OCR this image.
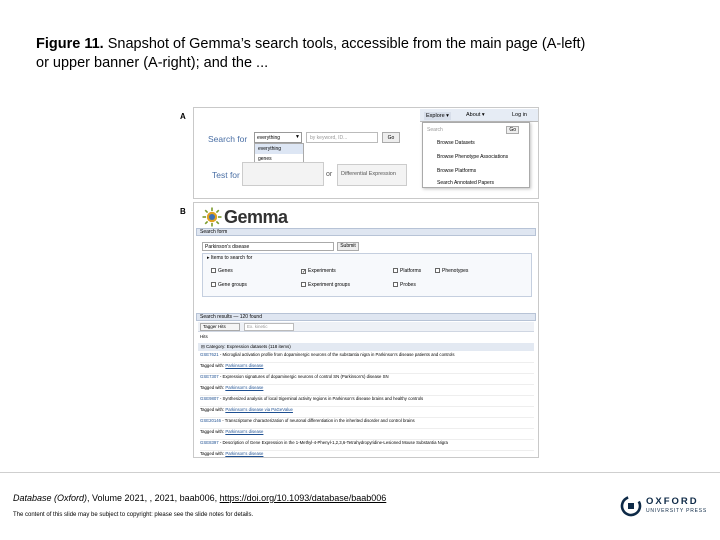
Figure 11. Snapshot of Gemma’s search tools, accessible from the main page (A-left) or upper banner (A-right); and the ...
A
Search for	everything	▼	by keyword, ID...	Go
everything
genes
Test for	or	Differential Expression
Explore ▾	About ▾	Log in
Search	Go
Browse Datasets
Browse Phenotype Associations
Browse Platforms
Search Annotated Papers
B Gemma
Search form
Parkinson's disease	Submit
▸ Items to search for
Genes	✓ Experiments	Platforms	Phenotypes
Gene groups	Experiment groups	Probes
Search results — 120 found
Tagger Hits	Ex. kinetic
Hits
⊟ Category: Expression datasets (118 items)
GSE7621 - Microglial activation profile from dopaminergic neurons of the substantia nigra in Parkinson's disease patients and controls
Tagged with: Parkinson's disease
GSE7307 - Expression signatures of dopaminergic neurons of control SN (Parkinson's) disease SN
Tagged with: Parkinson's disease
GSE9807 - Synthesized analysis of local trigeminal activity regions in Parkinson's disease brains and healthy controls
Tagged with: Parkinson's disease via PaGeValue
GSE20146 - Transcriptome characterization of neuronal differentiation in the inherited disorder and control brains
Tagged with: Parkinson's disease
GSE8397 - Description of Gene Expression in the 1-Methyl-4-Phenyl-1,2,3,6-Tetrahydropyridine-Lesioned Mouse Substantia Nigra
Tagged with: Parkinson's disease
Database (Oxford), Volume 2021, , 2021, baab006, https://doi.org/10.1093/database/baab006
The content of this slide may be subject to copyright: please see the slide notes for details.
OXFORD
UNIVERSITY PRESS
